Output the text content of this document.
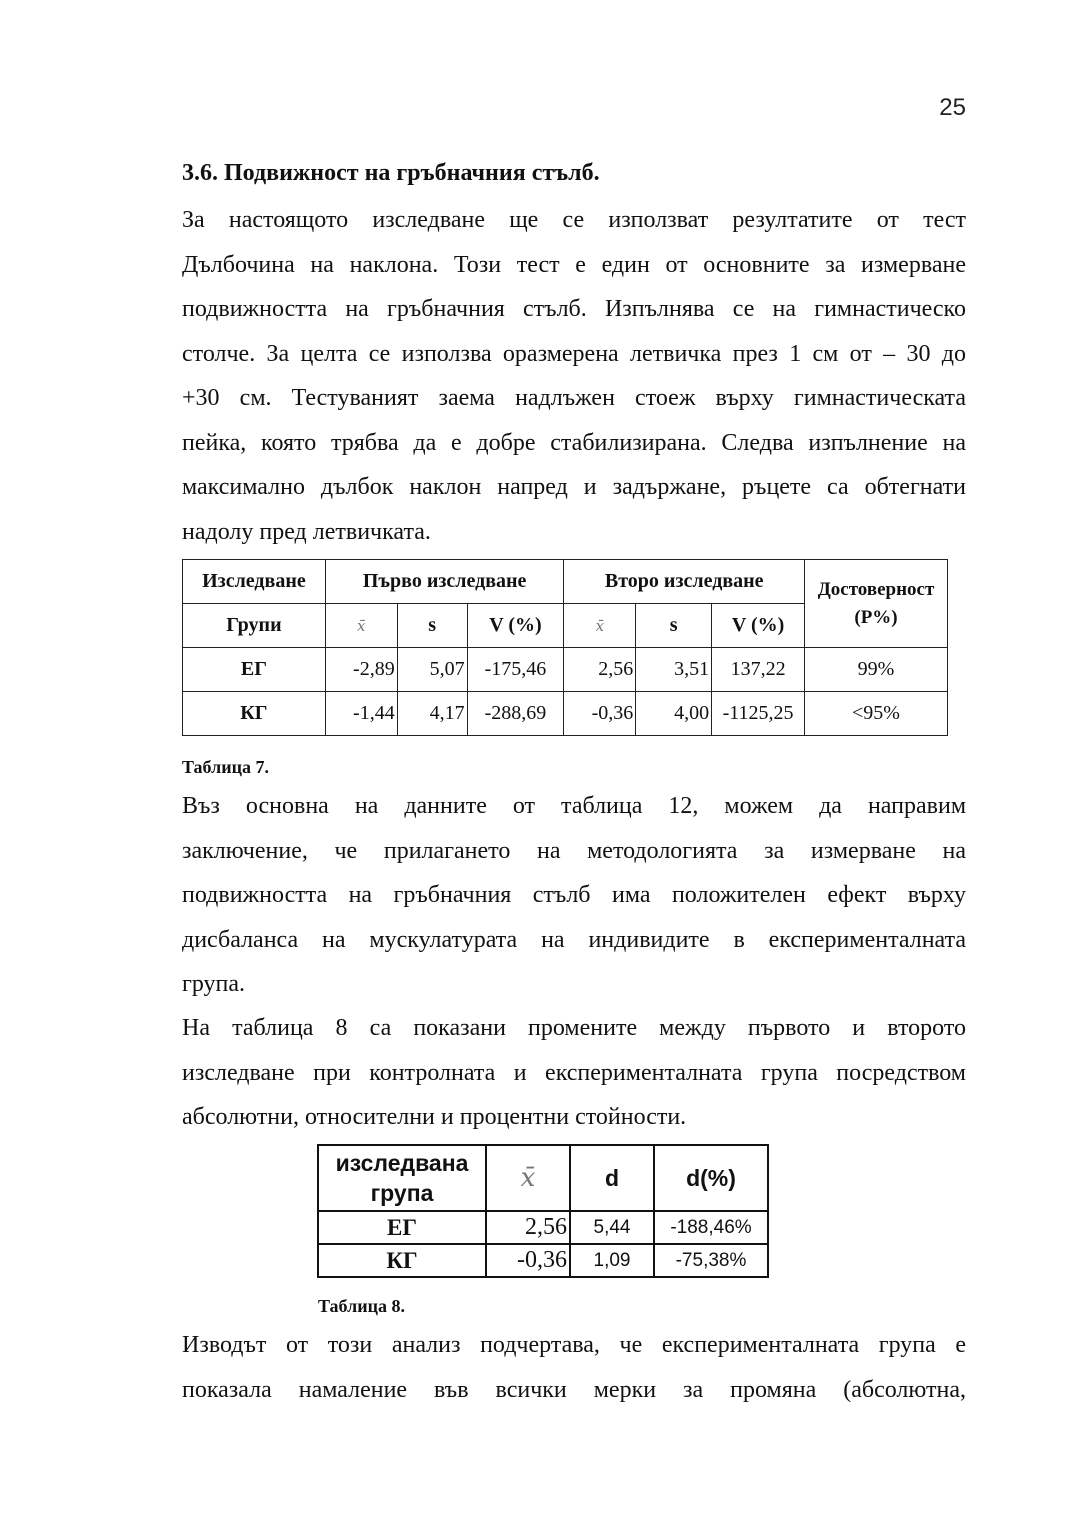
25
3.6. Подвижност на гръбначния стълб.
За настоящото изследване ще се използват резултатите от тест
Дълбочина на наклона. Този тест е един от основните за измерване
подвижността на гръбначния стълб. Изпълнява се на гимнастическо
столче. За целта се използва оразмерена летвичка през 1 см от – 30 до
+30 см. Тестуваният заема надлъжен стоеж върху гимнастическата
пейка, която трябва да е добре стабилизирана. Следва изпълнение на
максимално дълбок наклон напред и задържане, ръцете са обтегнати
надолу пред летвичката.
Изследване	Първо изследване			Второ изследване			Достоверност (Р%)
Групи	x̄	s	V (%)	x̄	s	V (%)	
ЕГ	-2,89	5,07	-175,46	2,56	3,51	137,22	99%
КГ	-1,44	4,17	-288,69	-0,36	4,00	-1125,25	<95%
Таблица 7.
Въз основна на данните от таблица 12, можем да направим
заключение, че прилагането на методологията за измерване на
подвижността на гръбначния стълб има положителен ефект върху
дисбаланса на мускулатурата на индивидите в експерименталната
група.
На таблица 8 са показани промените между първото и второто
изследване при контролната и експерименталната група посредством
абсолютни, относителни и процентни стойности.
изследвана група	x̄	d	d(%)
ЕГ	2,56	5,44	-188,46%
КГ	-0,36	1,09	-75,38%
Таблица 8.
Изводът от този анализ подчертава, че експерименталната група е
показала намаление във всички мерки за промяна (абсолютна,
